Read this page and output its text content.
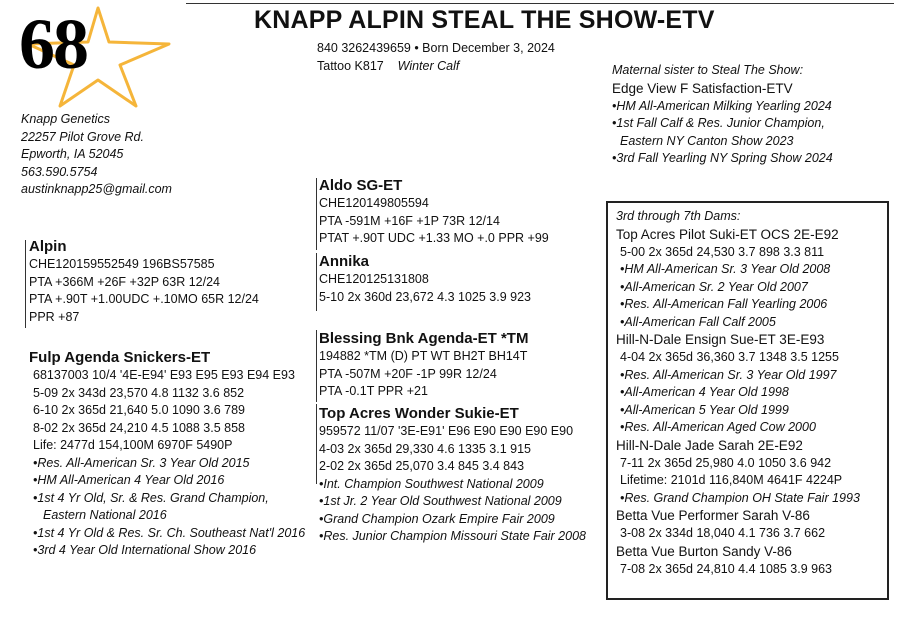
68	KNAPP ALPIN STEAL THE SHOW-ETV
840 3262439659 • Born December 3, 2024
Tattoo K817 Winter Calf
Knapp Genetics
22257 Pilot Grove Rd.
Epworth, IA 52045
563.590.5754
austinknapp25@gmail.com
Maternal sister to Steal The Show:
Edge View F Satisfaction-ETV
•HM All-American Milking Yearling 2024
•1st Fall Calf & Res. Junior Champion,
Eastern NY Canton Show 2023
•3rd Fall Yearling NY Spring Show 2024
Alpin
CHE120159552549 196BS57585
PTA +366M +26F +32P 63R 12/24
PTA +.90T +1.00UDC +.10MO 65R 12/24
PPR +87
Fulp Agenda Snickers-ET
68137003 10/4 '4E-E94' E93 E95 E93 E94 E93
5-09 2x 343d 23,570 4.8 1132 3.6 852
6-10 2x 365d 21,640 5.0 1090 3.6 789
8-02 2x 365d 24,210 4.5 1088 3.5 858
Life: 2477d 154,100M 6970F 5490P
•Res. All-American Sr. 3 Year Old 2015
•HM All-American 4 Year Old 2016
•1st 4 Yr Old, Sr. & Res. Grand Champion,
Eastern National 2016
•1st 4 Yr Old & Res. Sr. Ch. Southeast Nat'l 2016
•3rd 4 Year Old International Show 2016
Aldo SG-ET
CHE120149805594
PTA -591M +16F +1P 73R 12/14
PTAT +.90T UDC +1.33 MO +.0 PPR +99
Annika
CHE120125131808
5-10 2x 360d 23,672 4.3 1025 3.9 923
Blessing Bnk Agenda-ET *TM
194882 *TM (D) PT WT BH2T BH14T
PTA -507M +20F -1P 99R 12/24
PTA -0.1T PPR +21
Top Acres Wonder Sukie-ET
959572 11/07 '3E-E91' E96 E90 E90 E90 E90
4-03 2x 365d 29,330 4.6 1335 3.1 915
2-02 2x 365d 25,070 3.4 845 3.4 843
•Int. Champion Southwest National 2009
•1st Jr. 2 Year Old Southwest National 2009
•Grand Champion Ozark Empire Fair 2009
•Res. Junior Champion Missouri State Fair 2008
3rd through 7th Dams:
Top Acres Pilot Suki-ET OCS 2E-E92
5-00 2x 365d 24,530 3.7 898 3.3 811
•HM All-American Sr. 3 Year Old 2008
•All-American Sr. 2 Year Old 2007
•Res. All-American Fall Yearling 2006
•All-American Fall Calf 2005
Hill-N-Dale Ensign Sue-ET 3E-E93
4-04 2x 365d 36,360 3.7 1348 3.5 1255
•Res. All-American Sr. 3 Year Old 1997
•All-American 4 Year Old 1998
•All-American 5 Year Old 1999
•Res. All-American Aged Cow 2000
Hill-N-Dale Jade Sarah 2E-E92
7-11 2x 365d 25,980 4.0 1050 3.6 942
Lifetime: 2101d 116,840M 4641F 4224P
•Res. Grand Champion OH State Fair 1993
Betta Vue Performer Sarah V-86
3-08 2x 334d 18,040 4.1 736 3.7 662
Betta Vue Burton Sandy V-86
7-08 2x 365d 24,810 4.4 1085 3.9 963
